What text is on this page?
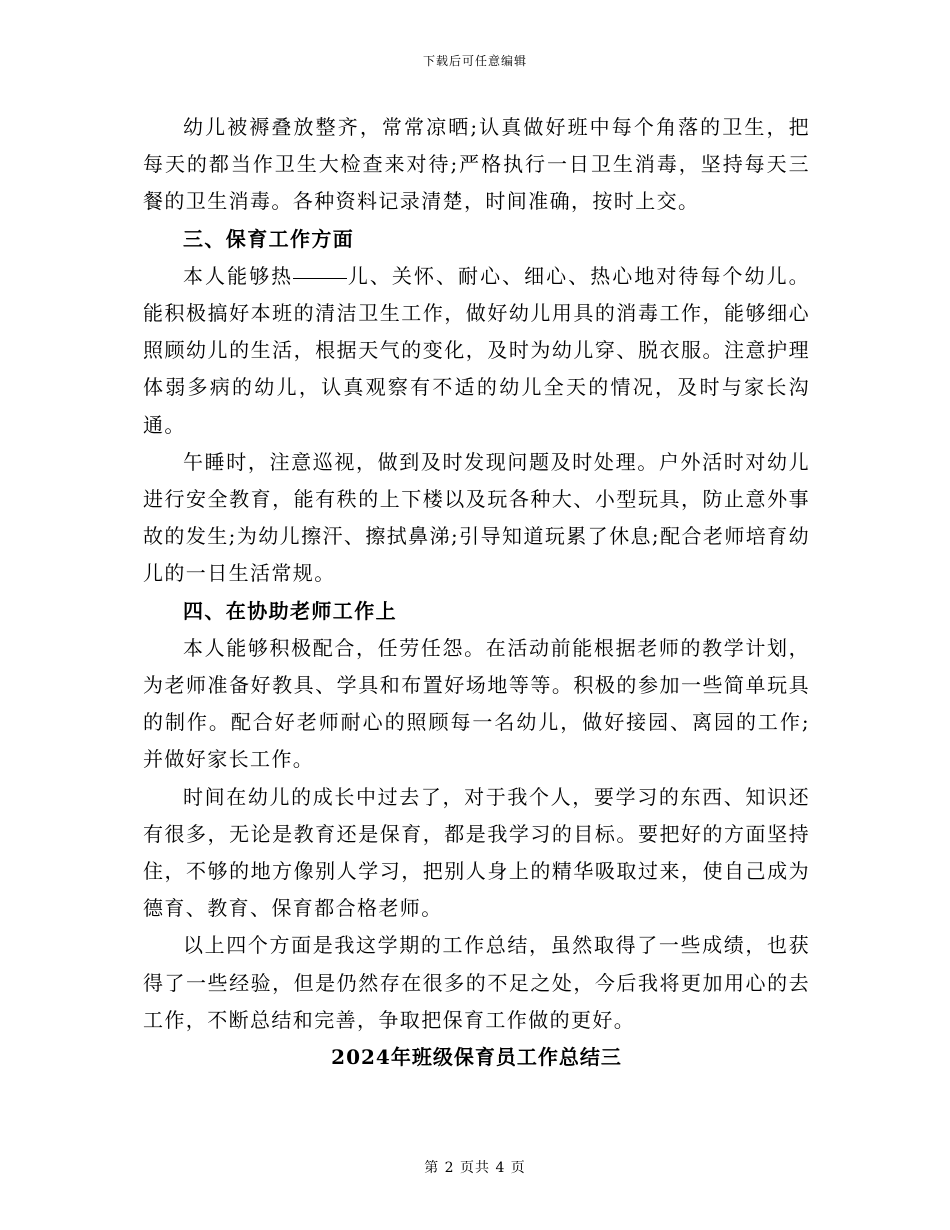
下载后可任意编辑

幼儿被褥叠放整齐，常常凉晒;认真做好班中每个角落的卫生，把每天的都当作卫生大检查来对待;严格执行一日卫生消毒，坚持每天三餐的卫生消毒。各种资料记录清楚，时间准确，按时上交。

三、保育工作方面

本人能够热	儿、关怀、耐心、细心、热心地对待每个幼儿。能积极搞好本班的清洁卫生工作，做好幼儿用具的消毒工作，能够细心照顾幼儿的生活，根据天气的变化，及时为幼儿穿、脱衣服。注意护理体弱多病的幼儿，认真观察有不适的幼儿全天的情况，及时与家长沟通。

午睡时，注意巡视，做到及时发现问题及时处理。户外活时对幼儿进行安全教育，能有秩的上下楼以及玩各种大、小型玩具，防止意外事故的发生;为幼儿擦汗、擦拭鼻涕;引导知道玩累了休息;配合老师培育幼儿的一日生活常规。

四、在协助老师工作上

本人能够积极配合，任劳任怨。在活动前能根据老师的教学计划，为老师准备好教具、学具和布置好场地等等。积极的参加一些简单玩具的制作。配合好老师耐心的照顾每一名幼儿，做好接园、离园的工作;并做好家长工作。

时间在幼儿的成长中过去了，对于我个人，要学习的东西、知识还有很多，无论是教育还是保育，都是我学习的目标。要把好的方面坚持住，不够的地方像别人学习，把别人身上的精华吸取过来，使自己成为德育、教育、保育都合格老师。

以上四个方面是我这学期的工作总结，虽然取得了一些成绩，也获得了一些经验，但是仍然存在很多的不足之处，今后我将更加用心的去工作，不断总结和完善，争取把保育工作做的更好。

2024年班级保育员工作总结三
第 2 页共 4 页
